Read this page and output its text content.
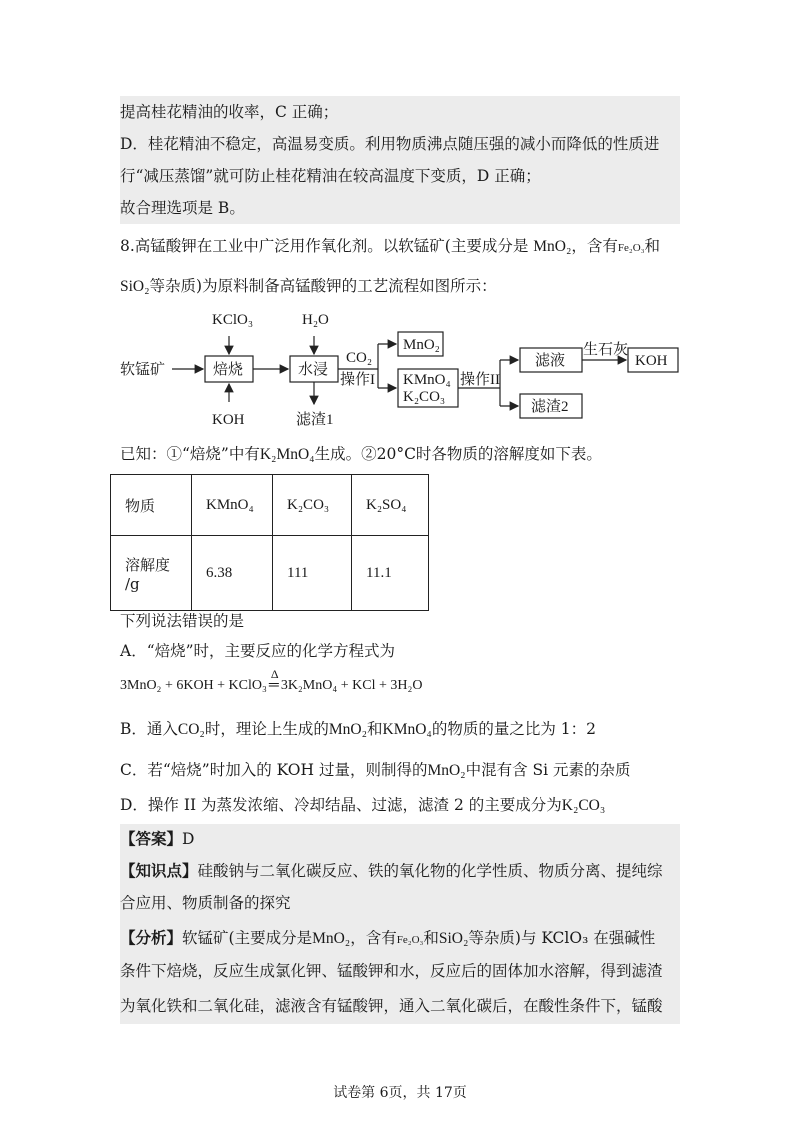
提高桂花精油的收率，C 正确；
D．桂花精油不稳定，高温易变质。利用物质沸点随压强的减小而降低的性质进
行“减压蒸馏”就可防止桂花精油在较高温度下变质，D 正确；
故合理选项是 B。
8.高锰酸钾在工业中广泛用作氧化剂。以软锰矿(主要成分是 MnO₂，含有Fe₂O₃和
SiO₂等杂质)为原料制备高锰酸钾的工艺流程如图所示：
软锰矿
KClO₃
KOH
焙烧
H₂O
水浸
滤渣1
CO₂
操作I
MnO₂
KMnO₄
K₂CO₃
操作II
滤液
生石灰
KOH
滤渣2
已知：①“焙烧”中有K₂MnO₄生成。②20°C时各物质的溶解度如下表。
物质	KMnO₄	K₂CO₃	K₂SO₄
溶解度
/g	6.38	111	11.1
下列说法错误的是
A．“焙烧”时，主要反应的化学方程式为
3MnO₂ + 6KOH + KClO₃
Δ
═ 3K₂MnO₄ + KCl + 3H₂O
B．通入CO₂时，理论上生成的MnO₂和KMnO₄的物质的量之比为 1：2
C．若“焙烧”时加入的 KOH 过量，则制得的MnO₂中混有含 Si 元素的杂质
D．操作 II 为蒸发浓缩、冷却结晶、过滤，滤渣 2 的主要成分为K₂CO₃
【答案】D
【知识点】硅酸钠与二氧化碳反应、铁的氧化物的化学性质、物质分离、提纯综
合应用、物质制备的探究
【分析】软锰矿(主要成分是MnO₂，含有Fe₂O₃和SiO₂等杂质)与 KClO₃ 在强碱性
条件下焙烧，反应生成氯化钾、锰酸钾和水，反应后的固体加水溶解，得到滤渣
为氧化铁和二氧化硅，滤液含有锰酸钾，通入二氧化碳后，在酸性条件下，锰酸
试卷第 6页，共 17页
